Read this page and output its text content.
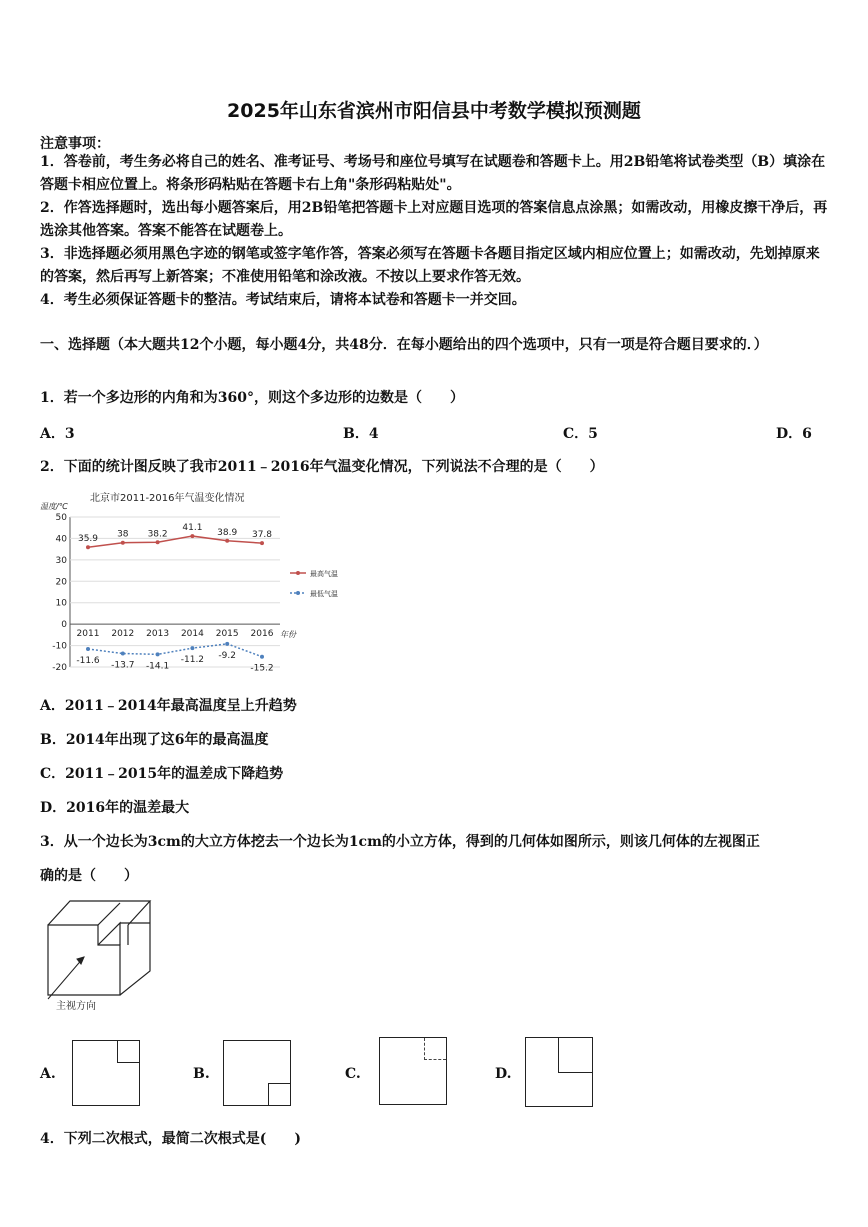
2025年山东省滨州市阳信县中考数学模拟预测题
注意事项：
1．答卷前，考生务必将自己的姓名、准考证号、考场号和座位号填写在试题卷和答题卡上。用2B铅笔将试卷类型（B）填涂在答题卡相应位置上。将条形码粘贴在答题卡右上角"条形码粘贴处"。
2．作答选择题时，选出每小题答案后，用2B铅笔把答题卡上对应题目选项的答案信息点涂黑；如需改动，用橡皮擦干净后，再选涂其他答案。答案不能答在试题卷上。
3．非选择题必须用黑色字迹的钢笔或签字笔作答，答案必须写在答题卡各题目指定区域内相应位置上；如需改动，先划掉原来的答案，然后再写上新答案；不准使用铅笔和涂改液。不按以上要求作答无效。
4．考生必须保证答题卡的整洁。考试结束后，请将本试卷和答题卡一并交回。
一、选择题（本大题共12个小题，每小题4分，共48分．在每小题给出的四个选项中，只有一项是符合题目要求的．）
1．若一个多边形的内角和为360°，则这个多边形的边数是（　　）
A．3	B．4	C．5	D．6
2．下面的统计图反映了我市2011﹣2016年气温变化情况，下列说法不合理的是（　　）
北京市2011-2016年气温变化情况
温度/℃
年份
50
40
30
20
10
0
-10
-20
2011 2012 2013 2014 2015 2016
35.9 38 38.2
41.1 38.9 37.8
-11.6 -13.7 -14.1
-11.2 -9.2
-15.2
最高气温
最低气温
A．2011﹣2014年最高温度呈上升趋势
B．2014年出现了这6年的最高温度
C．2011﹣2015年的温差成下降趋势
D．2016年的温差最大
3．从一个边长为3cm的大立方体挖去一个边长为1cm的小立方体，得到的几何体如图所示，则该几何体的左视图正
确的是（　　）
主视方向
A.	B.	C.	D.
4．下列二次根式，最简二次根式是(　　)
